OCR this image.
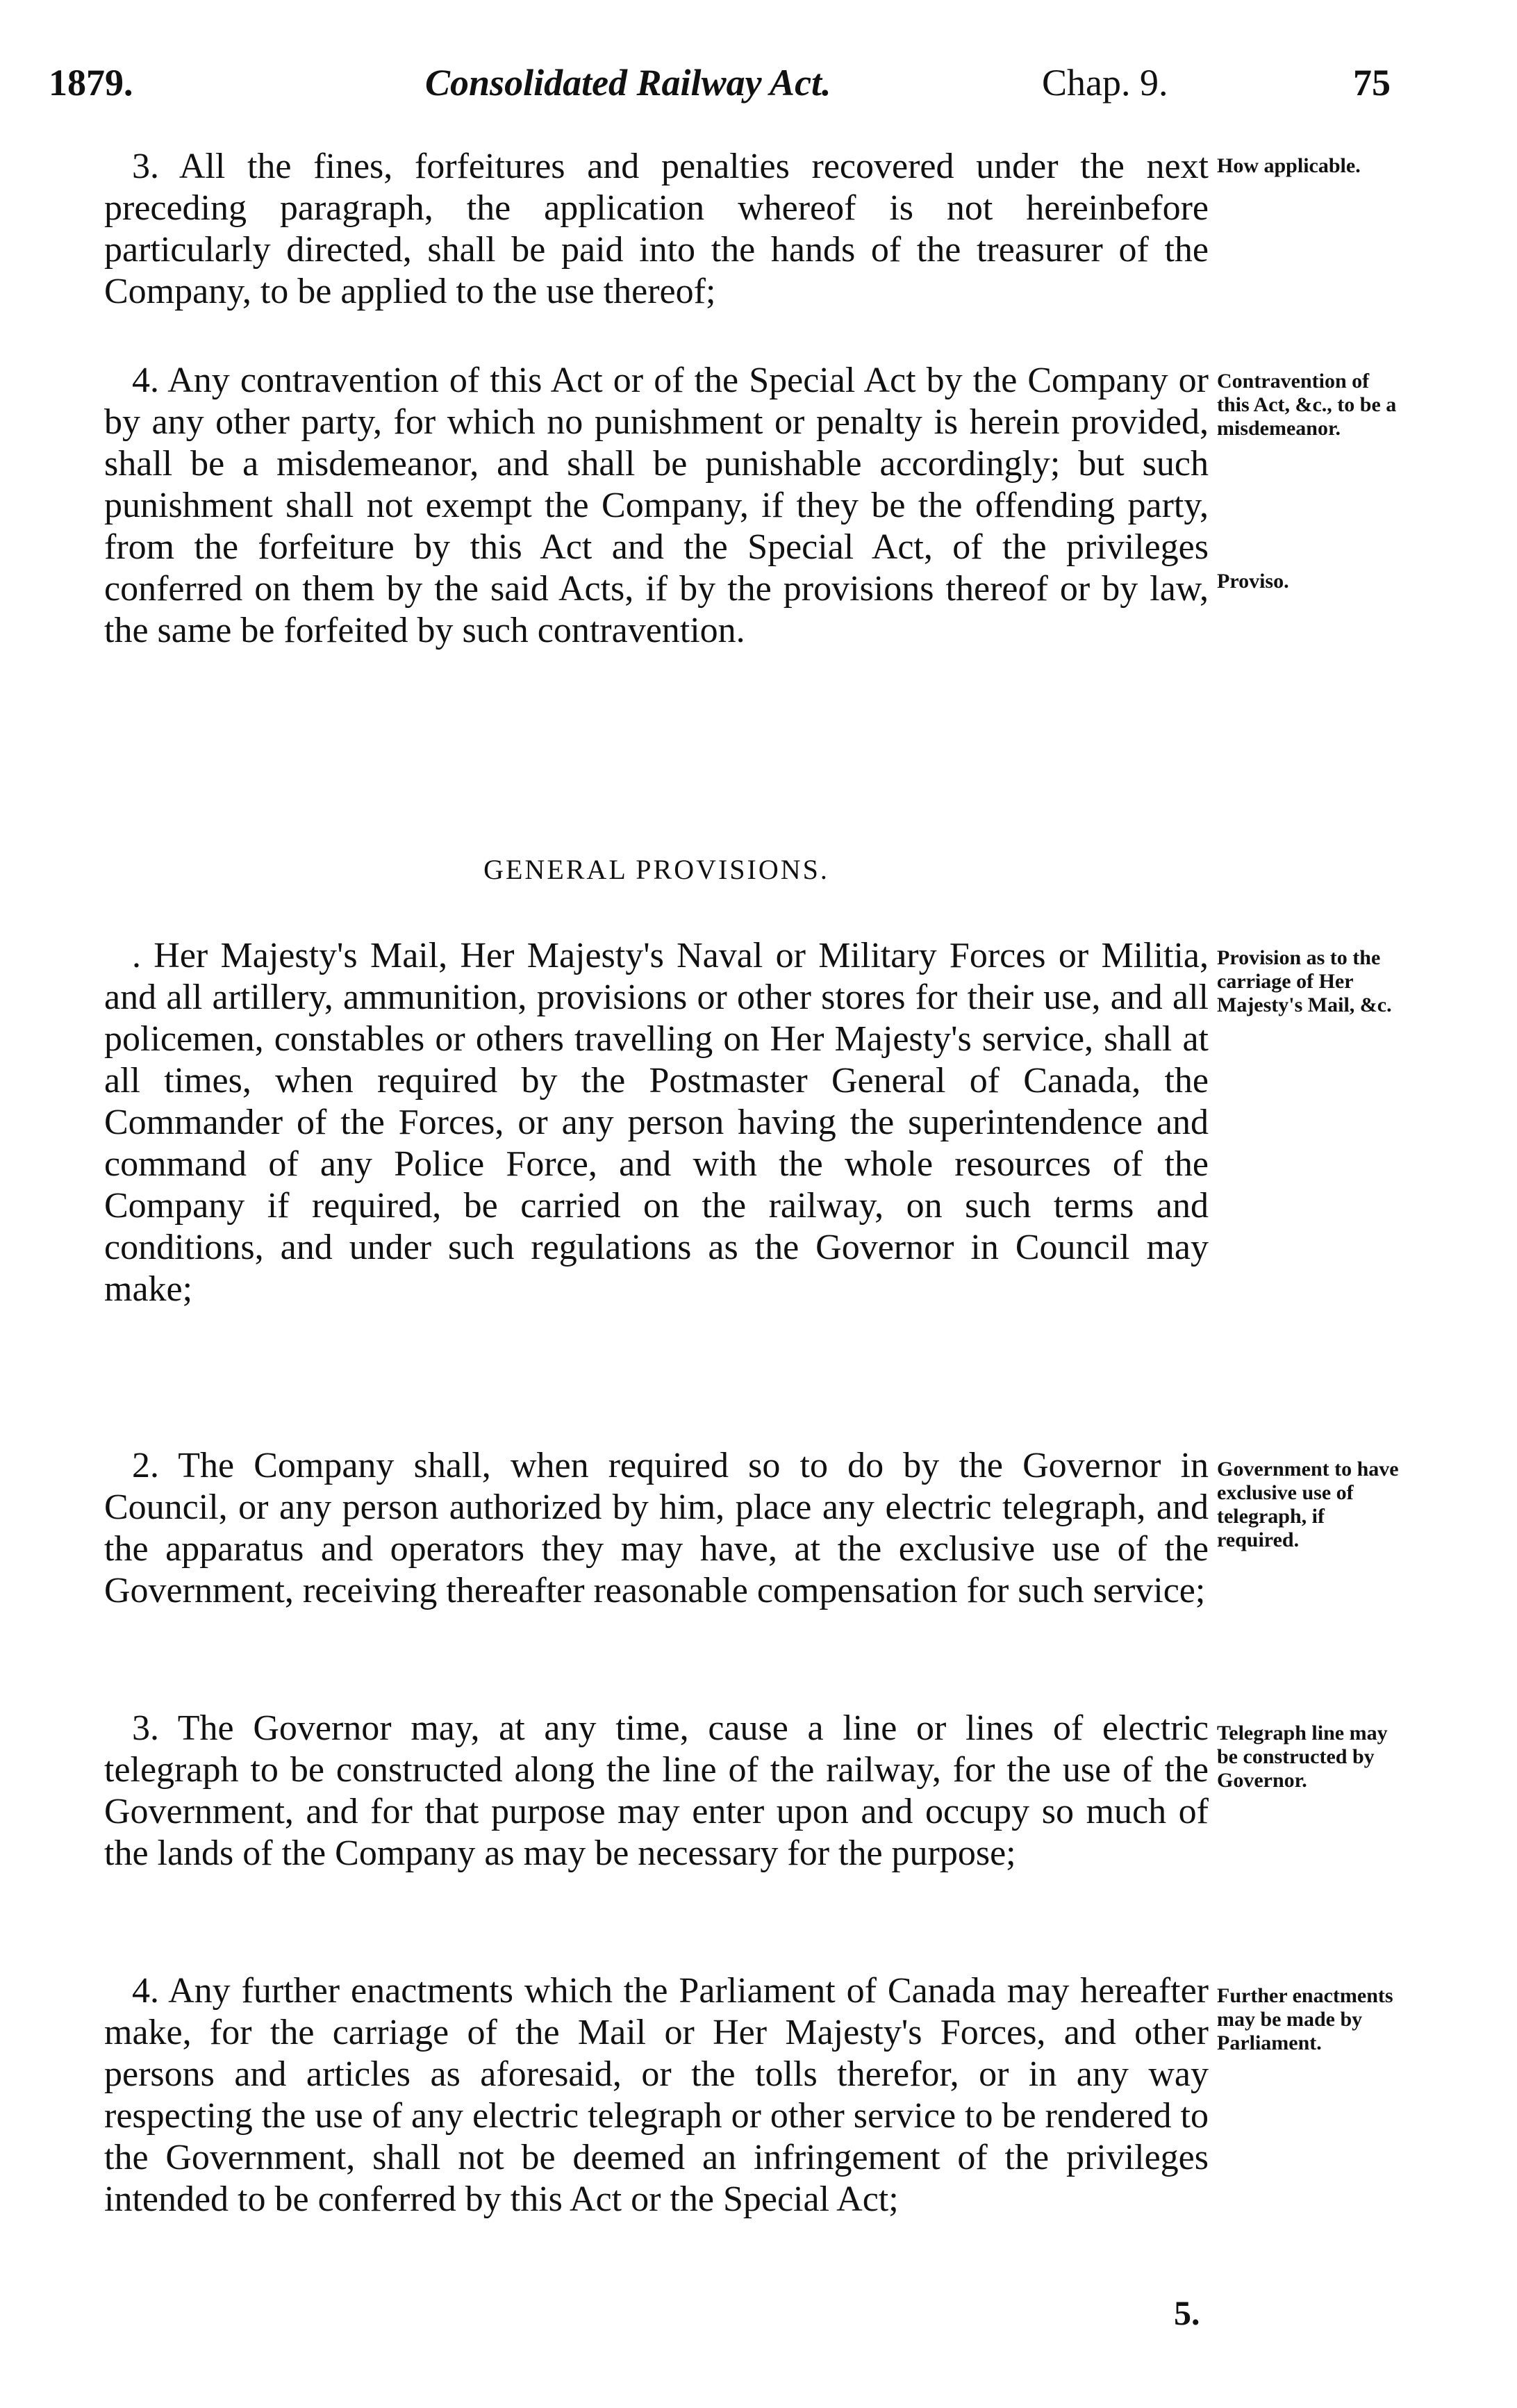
1879.	Consolidated Railway Act.	Chap. 9.	75
3. All the fines, forfeitures and penalties recovered under the next preceding paragraph, the application whereof is not hereinbefore particularly directed, shall be paid into the hands of the treasurer of the Company, to be applied to the use thereof;
How applicable.
4. Any contravention of this Act or of the Special Act by the Company or by any other party, for which no punishment or penalty is herein provided, shall be a misdemeanor, and shall be punishable accordingly; but such punishment shall not exempt the Company, if they be the offending party, from the forfeiture by this Act and the Special Act, of the privileges conferred on them by the said Acts, if by the provisions thereof or by law, the same be forfeited by such contravention.
Contravention of this Act, &c., to be a misdemeanor.
Proviso.
GENERAL PROVISIONS.
. Her Majesty's Mail, Her Majesty's Naval or Military Forces or Militia, and all artillery, ammunition, provisions or other stores for their use, and all policemen, constables or others travelling on Her Majesty's service, shall at all times, when required by the Postmaster General of Canada, the Commander of the Forces, or any person having the superintendence and command of any Police Force, and with the whole resources of the Company if required, be carried on the railway, on such terms and conditions, and under such regulations as the Governor in Council may make;
Provision as to the carriage of Her Majesty's Mail, &c.
2. The Company shall, when required so to do by the Governor in Council, or any person authorized by him, place any electric telegraph, and the apparatus and operators they may have, at the exclusive use of the Government, receiving thereafter reasonable compensation for such service;
Government to have exclusive use of telegraph, if required.
3. The Governor may, at any time, cause a line or lines of electric telegraph to be constructed along the line of the railway, for the use of the Government, and for that purpose may enter upon and occupy so much of the lands of the Company as may be necessary for the purpose;
Telegraph line may be constructed by Governor.
4. Any further enactments which the Parliament of Canada may hereafter make, for the carriage of the Mail or Her Majesty's Forces, and other persons and articles as aforesaid, or the tolls therefor, or in any way respecting the use of any electric telegraph or other service to be rendered to the Government, shall not be deemed an infringement of the privileges intended to be conferred by this Act or the Special Act;
Further enactments may be made by Parliament.
5.
